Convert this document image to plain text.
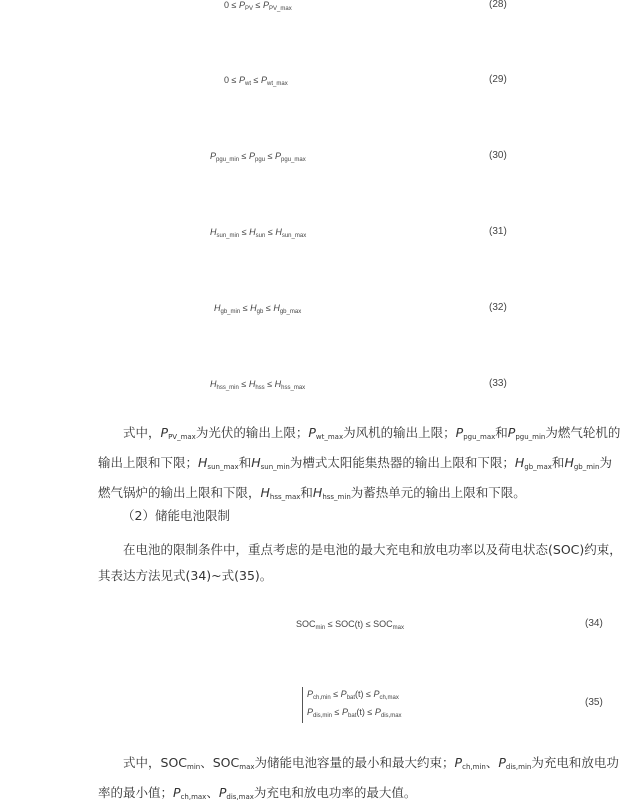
$0 \le P_{PV} \le P_{PV\_max}$	(28)
$0 \le P_{wt} \le P_{wt\_max}$	(29)
$P_{pgu\_min} \le P_{pgu} \le P_{pgu\_max}$	(30)
$H_{sun\_min} \le H_{sun} \le H_{sun\_max}$	(31)
$H_{gb\_min} \le H_{gb} \le H_{gb\_max}$	(32)
$H_{hss\_min} \le H_{hss} \le H_{hss\_max}$	(33)
式中，$P_{PV\_max}$为光伏的输出上限；$P_{wt\_max}$为风机的输出上限；$P_{pgu\_max}$和$P_{pgu\_min}$为燃气轮机的输出上限和下限；$H_{sun\_max}$和$H_{sun\_min}$为槽式太阳能集热器的输出上限和下限；$H_{gb\_max}$和$H_{gb\_min}$为燃气锅炉的输出上限和下限，$H_{hss\_max}$和$H_{hss\_min}$为蓄热单元的输出上限和下限。
（2）储能电池限制
在电池的限制条件中，重点考虑的是电池的最大充电和放电功率以及荷电状态(SOC)约束，其表达方法见式(34)~式(35)。
$SOC_{min} \le SOC(t) \le SOC_{max}$	(34)
$P_{ch,min} \le P_{bat}(t) \le P_{ch,max}$
$P_{dis,min} \le P_{bat}(t) \le P_{dis,max}$
(35)
式中，$SOC_{min}$、$SOC_{max}$为储能电池容量的最小和最大约束；$P_{ch,min}$、$P_{dis,min}$为充电和放电功率的最小值；$P_{ch,max}$、$P_{dis,max}$为充电和放电功率的最大值。
